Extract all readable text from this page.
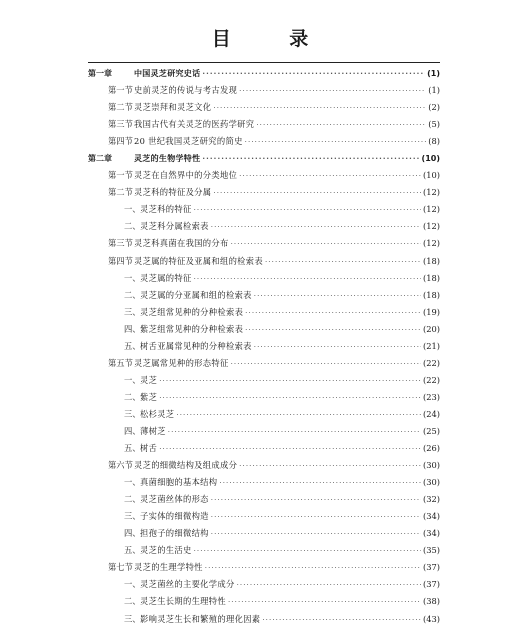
目 录
第一章	中国灵芝研究史话 ·····	(1)
第一节 史前灵芝的传说与考古发现 ·····	(1)
第二节 灵芝崇拜和灵芝文化 ·····	(2)
第三节 我国古代有关灵芝的医药学研究 ·····	(5)
第四节 20 世纪我国灵芝研究的简史 ·····	(8)
第二章	灵芝的生物学特性 ·····	(10)
第一节 灵芝在自然界中的分类地位 ·····	(10)
第二节 灵芝科的特征及分属 ·····	(12)
一、 灵芝科的特征 ·····	(12)
二、 灵芝科分属检索表 ·····	(12)
第三节 灵芝科真菌在我国的分布 ·····	(12)
第四节 灵芝属的特征及亚属和组的检索表 ·····	(18)
一、 灵芝属的特征 ·····	(18)
二、 灵芝属的分亚属和组的检索表 ·····	(18)
三、 灵芝组常见种的分种检索表 ·····	(19)
四、 紫芝组常见种的分种检索表 ·····	(20)
五、 树舌亚属常见种的分种检索表 ·····	(21)
第五节 灵芝属常见种的形态特征 ·····	(22)
一、 灵芝 ·····	(22)
二、 紫芝 ·····	(23)
三、 松杉灵芝 ·····	(24)
四、 薄树芝 ·····	(25)
五、 树舌 ·····	(26)
第六节 灵芝的细微结构及组成成分 ·····	(30)
一、 真菌细胞的基本结构 ·····	(30)
二、 灵芝菌丝体的形态 ·····	(32)
三、 子实体的细微构造 ·····	(34)
四、 担孢子的细微结构 ·····	(34)
五、 灵芝的生活史 ·····	(35)
第七节 灵芝的生理学特性 ·····	(37)
一、 灵芝菌丝的主要化学成分 ·····	(37)
二、 灵芝生长期的生理特性 ·····	(38)
三、 影响灵芝生长和繁殖的理化因素 ·····	(43)
